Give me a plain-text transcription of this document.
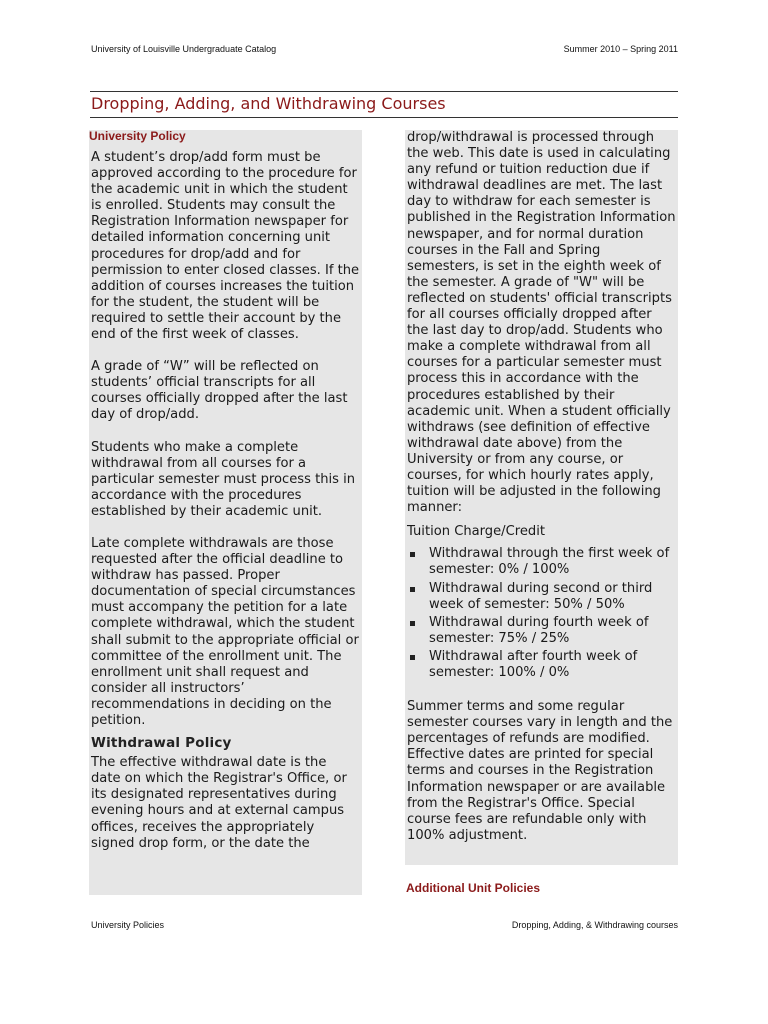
University of Louisville Undergraduate Catalog	Summer 2010 – Spring 2011
Dropping, Adding, and Withdrawing Courses

A student’s drop/add form must be approved according to the procedure for the academic unit in which the student is enrolled. Students may consult the Registration Information newspaper for detailed information concerning unit procedures for drop/add and for permission to enter closed classes. If the addition of courses increases the tuition for the student, the student will be required to settle their account by the end of the first week of classes.

A grade of “W” will be reflected on students’ official transcripts for all courses officially dropped after the last day of drop/add.

Students who make a complete withdrawal from all courses for a particular semester must process this in accordance with the procedures established by their academic unit.

Late complete withdrawals are those requested after the official deadline to withdraw has passed. Proper documentation of special circumstances must accompany the petition for a late complete withdrawal, which the student shall submit to the appropriate official or committee of the enrollment unit. The enrollment unit shall request and consider all instructors’ recommendations in deciding on the petition.

Withdrawal Policy

The effective withdrawal date is the date on which the Registrar's Office, or its designated representatives during evening hours and at external campus offices, receives the appropriately signed drop form, or the date the

University Policy	drop/withdrawal is processed through the web. This date is used in calculating any refund or tuition reduction due if withdrawal deadlines are met. The last day to withdraw for each semester is published in the Registration Information newspaper, and for normal duration courses in the Fall and Spring semesters, is set in the eighth week of the semester. A grade of "W" will be reflected on students' official transcripts for all courses officially dropped after the last day to drop/add. Students who make a complete withdrawal from all courses for a particular semester must process this in accordance with the procedures established by their academic unit. When a student officially withdraws (see definition of effective withdrawal date above) from the University or from any course, or courses, for which hourly rates apply, tuition will be adjusted in the following manner:

Tuition Charge/Credit

Withdrawal through the first week of semester: 0% / 100%
Withdrawal during second or third week of semester: 50% / 50%
Withdrawal during fourth week of semester: 75% / 25%
Withdrawal after fourth week of semester: 100% / 0%

Summer terms and some regular semester courses vary in length and the percentages of refunds are modified. Effective dates are printed for special terms and courses in the Registration Information newspaper or are available from the Registrar's Office. Special course fees are refundable only with 100% adjustment.

Additional Unit Policies
University Policies	Dropping, Adding, & Withdrawing courses
